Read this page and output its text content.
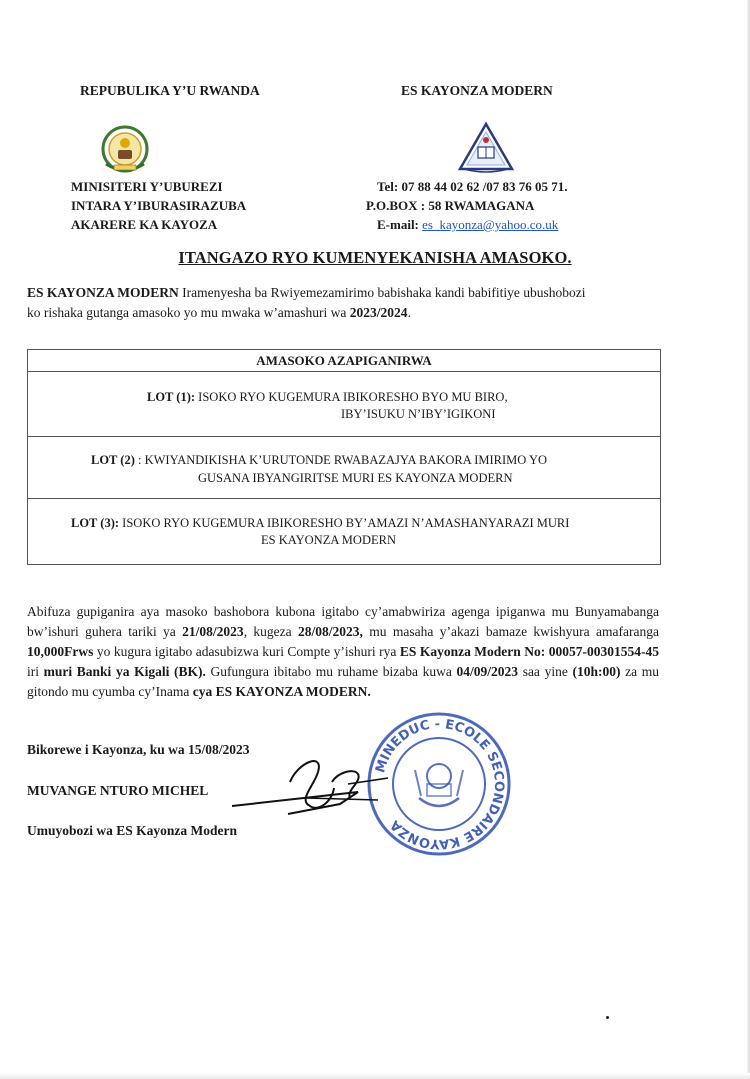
REPUBULIKA Y’U RWANDA	ES KAYONZA MODERN
MINISITERI Y’UBUREZI
INTARA Y’IBURASIRAZUBA
AKARERE KA KAYOZA
Tel: 07 88 44 02 62 /07 83 76 05 71.
P.O.BOX : 58 RWAMAGANA
E-mail: es_kayonza@yahoo.co.uk
ITANGAZO RYO KUMENYEKANISHA AMASOKO.
ES KAYONZA MODERN Iramenyesha ba Rwiyemezamirimo babishaka kandi babifitiye ubushobozi
ko rishaka gutanga amasoko yo mu mwaka w’amashuri wa 2023/2024.
AMASOKO AZAPIGANIRWA
LOT (1): ISOKO RYO KUGEMURA IBIKORESHO BYO MU BIRO,
IBY’ISUKU N’IBY’IGIKONI
LOT (2) : KWIYANDIKISHA K’URUTONDE RWABAZAJYA BAKORA IMIRIMO YO
GUSANA IBYANGIRITSE MURI ES KAYONZA MODERN
LOT (3): ISOKO RYO KUGEMURA IBIKORESHO BY’AMAZI N’AMASHANYARAZI MURI
ES KAYONZA MODERN
Abifuza gupiganira aya masoko bashobora kubona igitabo cy’amabwiriza agenga ipiganwa mu Bunyamabanga bw’ishuri guhera tariki ya 21/08/2023, kugeza 28/08/2023, mu masaha y’akazi bamaze kwishyura amafaranga 10,000Frws yo kugura igitabo adasubizwa kuri Compte y’ishuri rya ES Kayonza Modern No: 00057-00301554-45 iri muri Banki ya Kigali (BK). Gufungura ibitabo mu ruhame bizaba kuwa 04/09/2023 saa yine (10h:00) za mu gitondo mu cyumba cy’Inama cya ES KAYONZA MODERN.
MINEDUC - ECOLE SECONDAIRE KAYONZA
Bikorewe i Kayonza, ku wa 15/08/2023
MUVANGE NTURO MICHEL
Umuyobozi wa ES Kayonza Modern
